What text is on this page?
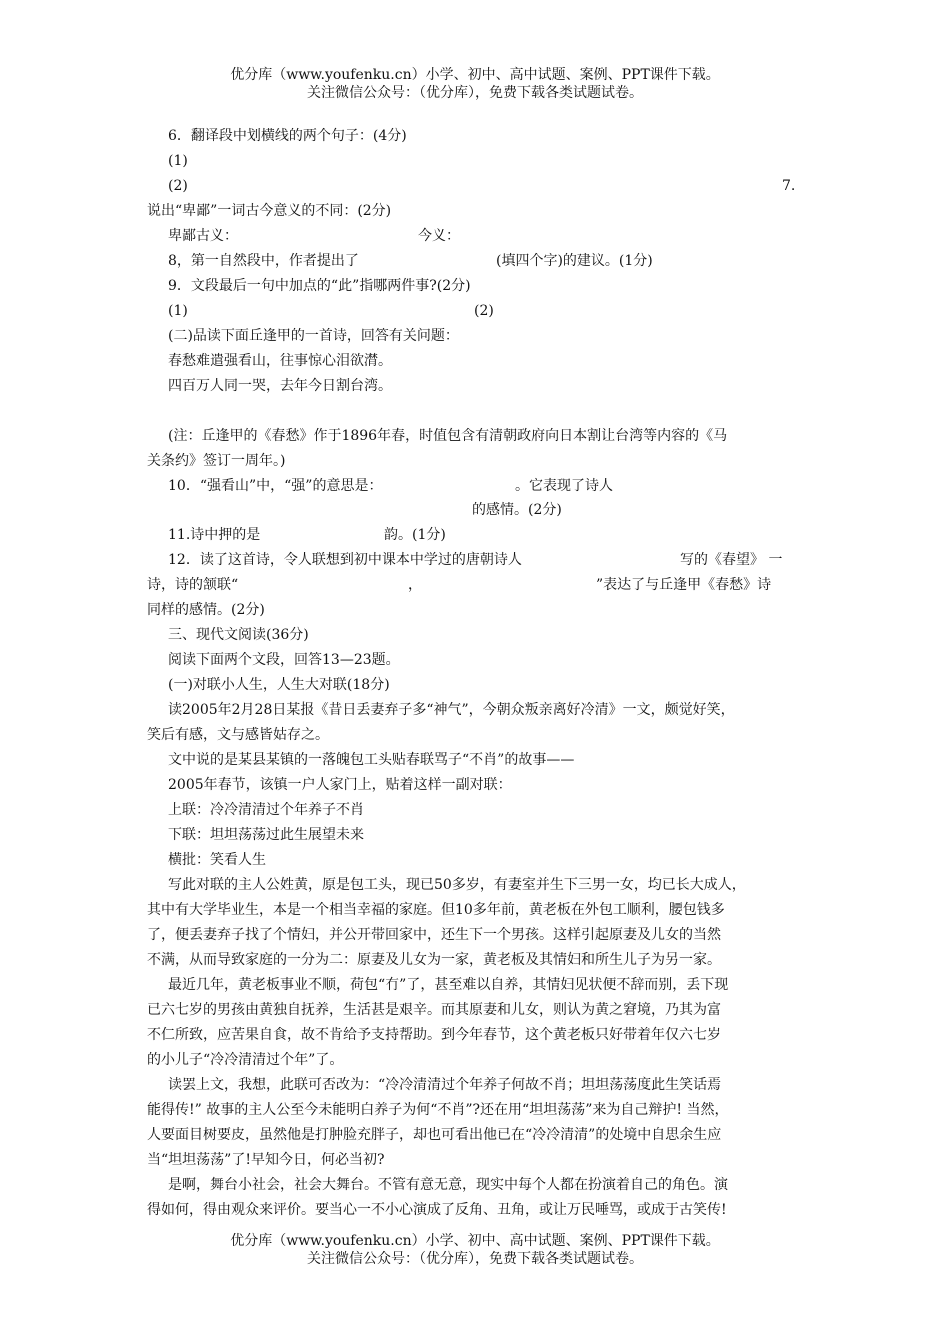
优分库（www.youfenku.cn）小学、初中、高中试题、案例、PPT课件下载。
关注微信公众号：（优分库），免费下载各类试题试卷。
6．翻译段中划横线的两个句子：(4分)
(1)
(2)	7.
说出“卑鄙”一词古今意义的不同：(2分)
卑鄙古义：	今义：
8，第一自然段中，作者提出了	(填四个字)的建议。(1分)
9．文段最后一句中加点的“此”指哪两件事?(2分)
(1)	(2)
(二)品读下面丘逢甲的一首诗，回答有关问题：
春愁难遣强看山，往事惊心泪欲潸。
四百万人同一哭，去年今日割台湾。
(注：丘逢甲的《春愁》作于1896年春，时值包含有清朝政府向日本割让台湾等内容的《马
关条约》签订一周年。)
10．“强看山”中，“强”的意思是：	。它表现了诗人
的感情。(2分)
11.诗中押的是	韵。(1分)
12．读了这首诗，令人联想到初中课本中学过的唐朝诗人	写的《春望》 一
诗，诗的颔联“	，	”表达了与丘逢甲《春愁》诗
同样的感情。(2分)
三、现代文阅读(36分)
阅读下面两个文段，回答13—23题。
(一)对联小人生，人生大对联(18分)
读2005年2月28日某报《昔日丢妻弃子多“神气”，今朝众叛亲离好冷清》一文，颇觉好笑，
笑后有感，文与感皆姑存之。
文中说的是某县某镇的一落魄包工头贴春联骂子“不肖”的故事——
2005年春节，该镇一户人家门上，贴着这样一副对联：
上联：冷冷清清过个年养子不肖
下联：坦坦荡荡过此生展望未来
横批：笑看人生
写此对联的主人公姓黄，原是包工头，现已50多岁，有妻室并生下三男一女，均已长大成人，
其中有大学毕业生，本是一个相当幸福的家庭。但10多年前，黄老板在外包工顺利，腰包钱多
了，便丢妻弃子找了个情妇，并公开带回家中，还生下一个男孩。这样引起原妻及儿女的当然
不满，从而导致家庭的一分为二：原妻及儿女为一家，黄老板及其情妇和所生儿子为另一家。
最近几年，黄老板事业不顺，荷包“冇”了，甚至难以自养，其情妇见状便不辞而别，丢下现
已六七岁的男孩由黄独自抚养，生活甚是艰辛。而其原妻和儿女，则认为黄之窘境，乃其为富
不仁所致，应苦果自食，故不肯给予支持帮助。到今年春节，这个黄老板只好带着年仅六七岁
的小儿子“冷冷清清过个年”了。
读罢上文，我想，此联可否改为：“冷冷清清过个年养子何故不肖；坦坦荡荡度此生笑话焉
能得传!” 故事的主人公至今未能明白养子为何“不肖”?还在用“坦坦荡荡”来为自己辩护! 当然，
人要面目树要皮，虽然他是打肿脸充胖子，却也可看出他已在“冷冷清清”的处境中自思余生应
当“坦坦荡荡”了!早知今日，何必当初?
是啊，舞台小社会，社会大舞台。不管有意无意，现实中每个人都在扮演着自己的角色。演
得如何，得由观众来评价。要当心一不小心演成了反角、丑角，或让万民唾骂，或成于古笑传!
优分库（www.youfenku.cn）小学、初中、高中试题、案例、PPT课件下载。
关注微信公众号：（优分库），免费下载各类试题试卷。
